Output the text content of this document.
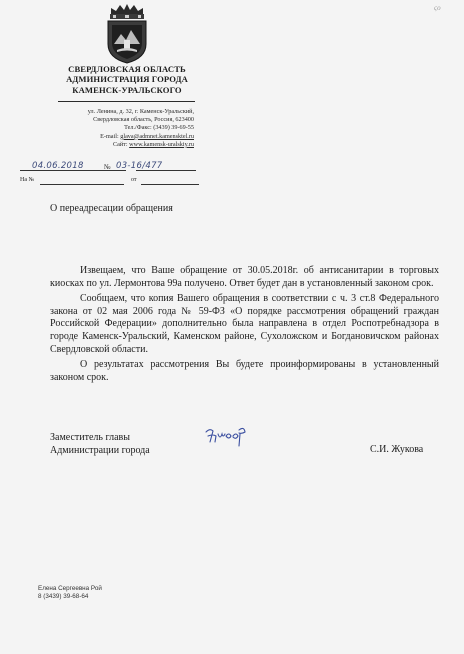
ϛο
СВЕРДЛОВСКАЯ ОБЛАСТЬ
АДМИНИСТРАЦИЯ ГОРОДА
КАМЕНСК-УРАЛЬСКОГО
ул. Ленина, д. 32, г. Каменск-Уральский,
Свердловская область, Россия, 623400
Тел./Факс: (3439) 39-69-55
E-mail: glava@admnet.kamensktel.ru
Сайт: www.kamensk-uralskiy.ru
04.06.2018	№ 03-16/477
На №	от
О переадресации обращения

Извещаем, что Ваше обращение от 30.05.2018г. об антисанитарии в торговых киосках по ул. Лермонтова 99а получено. Ответ будет дан в установленный законом срок.

Сообщаем, что копия Вашего обращения в соответствии с ч. 3 ст.8 Федерального закона от 02 мая 2006 года № 59-ФЗ «О порядке рассмотрения обращений граждан Российской Федерации» дополнительно была направлена в отдел Роспотребнадзора в городе Каменск-Уральский, Каменском районе, Сухоложском и Богдановичском районах Свердловской области.

О результатах рассмотрения Вы будете проинформированы в установленный законом срок.

Заместитель главы
Администрации города	С.И. Жукова
Елена Сергеевна Рой
8 (3439) 39-68-64
